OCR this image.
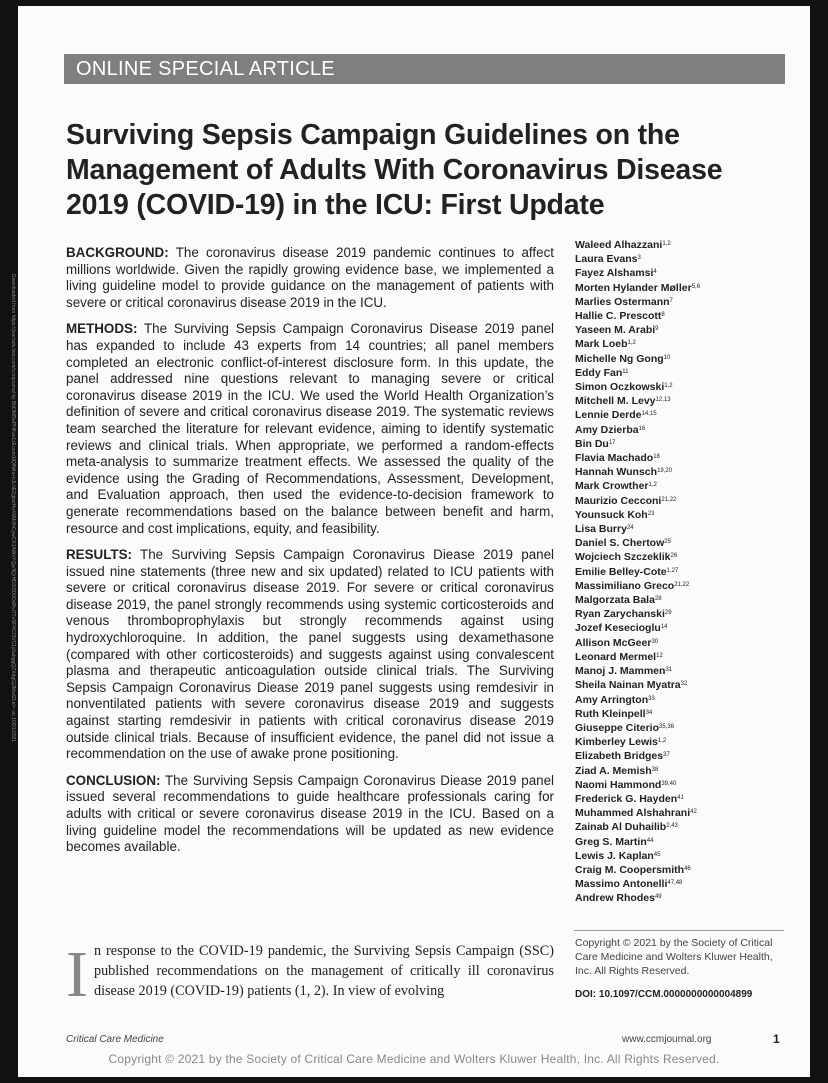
ONLINE SPECIAL ARTICLE
Surviving Sepsis Campaign Guidelines on the Management of Adults With Coronavirus Disease 2019 (COVID-19) in the ICU: First Update
Downloaded from https://journals.lww.com/ccmjournal by BhDMf5ePHKav1zEoum1tQfN4a+kJLhEZgbsIHo4XMi0hCywCX1AWnYQp/IlQrHD3i3D0OdRyi7TvSFl4Cf3VC1y0abggQZXdgGj2MwlZLeI= on 10/01/2021

BACKGROUND: The coronavirus disease 2019 pandemic continues to affect millions worldwide. Given the rapidly growing evidence base, we implemented a living guideline model to provide guidance on the management of patients with severe or critical coronavirus disease 2019 in the ICU.

METHODS: The Surviving Sepsis Campaign Coronavirus Disease 2019 panel has expanded to include 43 experts from 14 countries; all panel members completed an electronic conflict-of-interest disclosure form. In this update, the panel addressed nine questions relevant to managing severe or critical coronavirus disease 2019 in the ICU. We used the World Health Organization’s definition of severe and critical coronavirus disease 2019. The systematic reviews team searched the literature for relevant evidence, aiming to identify systematic reviews and clinical trials. When appropriate, we performed a random-effects meta-analysis to summarize treatment effects. We assessed the quality of the evidence using the Grading of Recommendations, Assessment, Development, and Evaluation approach, then used the evidence-to-decision framework to generate recommendations based on the balance between benefit and harm, resource and cost implications, equity, and feasibility.

RESULTS: The Surviving Sepsis Campaign Coronavirus Diease 2019 panel issued nine statements (three new and six updated) related to ICU patients with severe or critical coronavirus disease 2019. For severe or critical coronavirus disease 2019, the panel strongly recommends using systemic corticosteroids and venous thromboprophylaxis but strongly recommends against using hydroxychloroquine. In addition, the panel suggests using dexamethasone (compared with other corticosteroids) and suggests against using convalescent plasma and therapeutic anticoagulation outside clinical trials. The Surviving Sepsis Campaign Coronavirus Diease 2019 panel suggests using remdesivir in nonventilated patients with severe coronavirus disease 2019 and suggests against starting remdesivir in patients with critical coronavirus disease 2019 outside clinical trials. Because of insufficient evidence, the panel did not issue a recommendation on the use of awake prone positioning.

CONCLUSION: The Surviving Sepsis Campaign Coronavirus Diease 2019 panel issued several recommendations to guide healthcare professionals caring for adults with critical or severe coronavirus disease 2019 in the ICU. Based on a living guideline model the recommendations will be updated as new evidence becomes available.

Waleed Alhazzani$^{1,2}$
Laura Evans$^3$
Fayez Alshamsi$^4$
Morten Hylander Møller$^{5,6}$
Marlies Ostermann$^7$
Hallie C. Prescott$^8$
Yaseen M. Arabi$^9$
Mark Loeb$^{1,2}$
Michelle Ng Gong$^{10}$
Eddy Fan$^{11}$
Simon Oczkowski$^{1,2}$
Mitchell M. Levy$^{12,13}$
Lennie Derde$^{14,15}$
Amy Dzierba$^{16}$
Bin Du$^{17}$
Flavia Machado$^{18}$
Hannah Wunsch$^{19,20}$
Mark Crowther$^{1,2}$
Maurizio Cecconi$^{21,22}$
Younsuck Koh$^{23}$
Lisa Burry$^{24}$
Daniel S. Chertow$^{25}$
Wojciech Szczeklik$^{26}$
Emilie Belley-Cote$^{1,27}$
Massimiliano Greco$^{21,22}$
Malgorzata Bala$^{28}$
Ryan Zarychanski$^{29}$
Jozef Kesecioglu$^{14}$
Allison McGeer$^{30}$
Leonard Mermel$^{12}$
Manoj J. Mammen$^{31}$
Sheila Nainan Myatra$^{32}$
Amy Arrington$^{33}$
Ruth Kleinpell$^{34}$
Giuseppe Citerio$^{35,36}$
Kimberley Lewis$^{1,2}$
Elizabeth Bridges$^{37}$
Ziad A. Memish$^{38}$
Naomi Hammond$^{39,40}$
Frederick G. Hayden$^{41}$
Muhammed Alshahrani$^{42}$
Zainab Al Duhailib$^{2,43}$
Greg S. Martin$^{44}$
Lewis J. Kaplan$^{45}$
Craig M. Coopersmith$^{46}$
Massimo Antonelli$^{47,48}$
Andrew Rhodes$^{49}$
Copyright © 2021 by the Society of Critical Care Medicine and Wolters Kluwer Health, Inc. All Rights Reserved.
DOI: 10.1097/CCM.0000000000004899
In response to the COVID-19 pandemic, the Surviving Sepsis Campaign (SSC) published recommendations on the management of critically ill coronavirus disease 2019 (COVID-19) patients (1, 2). In view of evolving
Critical Care Medicine	www.ccmjournal.org	1
Copyright © 2021 by the Society of Critical Care Medicine and Wolters Kluwer Health, Inc. All Rights Reserved.
